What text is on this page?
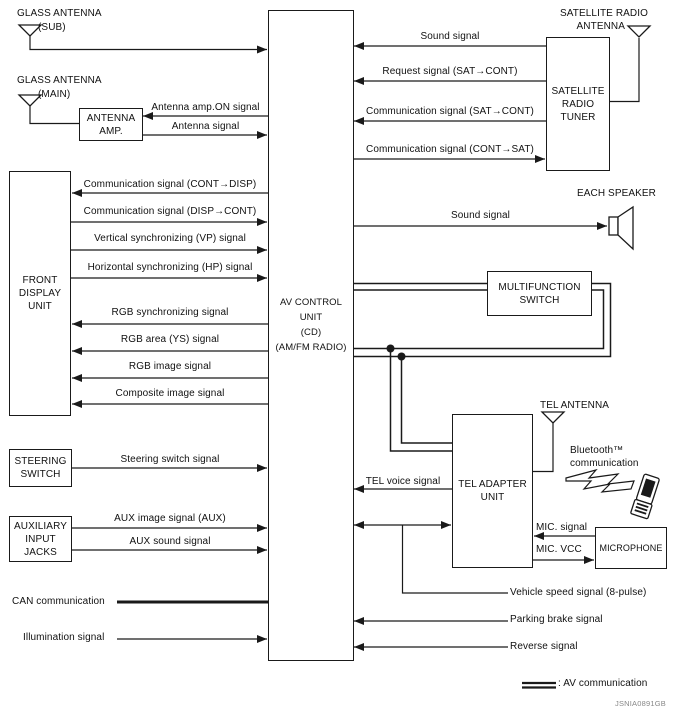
AV CONTROL
UNIT
(CD)
(AM/FM RADIO)
ANTENNA
AMP.
FRONT
DISPLAY
UNIT
STEERING
SWITCH
AUXILIARY
INPUT
JACKS
SATELLITE
RADIO
TUNER
MULTIFUNCTION
SWITCH
TEL ADAPTER
UNIT
MICROPHONE
GLASS ANTENNA
(SUB)
GLASS ANTENNA
(MAIN)
SATELLITE RADIO
ANTENNA
EACH SPEAKER
TEL ANTENNA
Bluetooth™
communication
Antenna amp.ON signal
Antenna signal
Sound signal
Request signal (SAT→CONT)
Communication signal (SAT→CONT)
Communication signal (CONT→SAT)
Communication signal (CONT→DISP)
Communication signal (DISP→CONT)
Vertical synchronizing (VP) signal
Horizontal synchronizing (HP) signal
RGB synchronizing signal
RGB area (YS) signal
RGB image signal
Composite image signal
Sound signal
Steering switch signal
AUX image signal (AUX)
AUX sound signal
CAN communication
Illumination signal
TEL voice signal
MIC. signal
MIC. VCC
Vehicle speed signal (8-pulse)
Parking brake signal
Reverse signal
: AV communication
JSNIA0891GB
